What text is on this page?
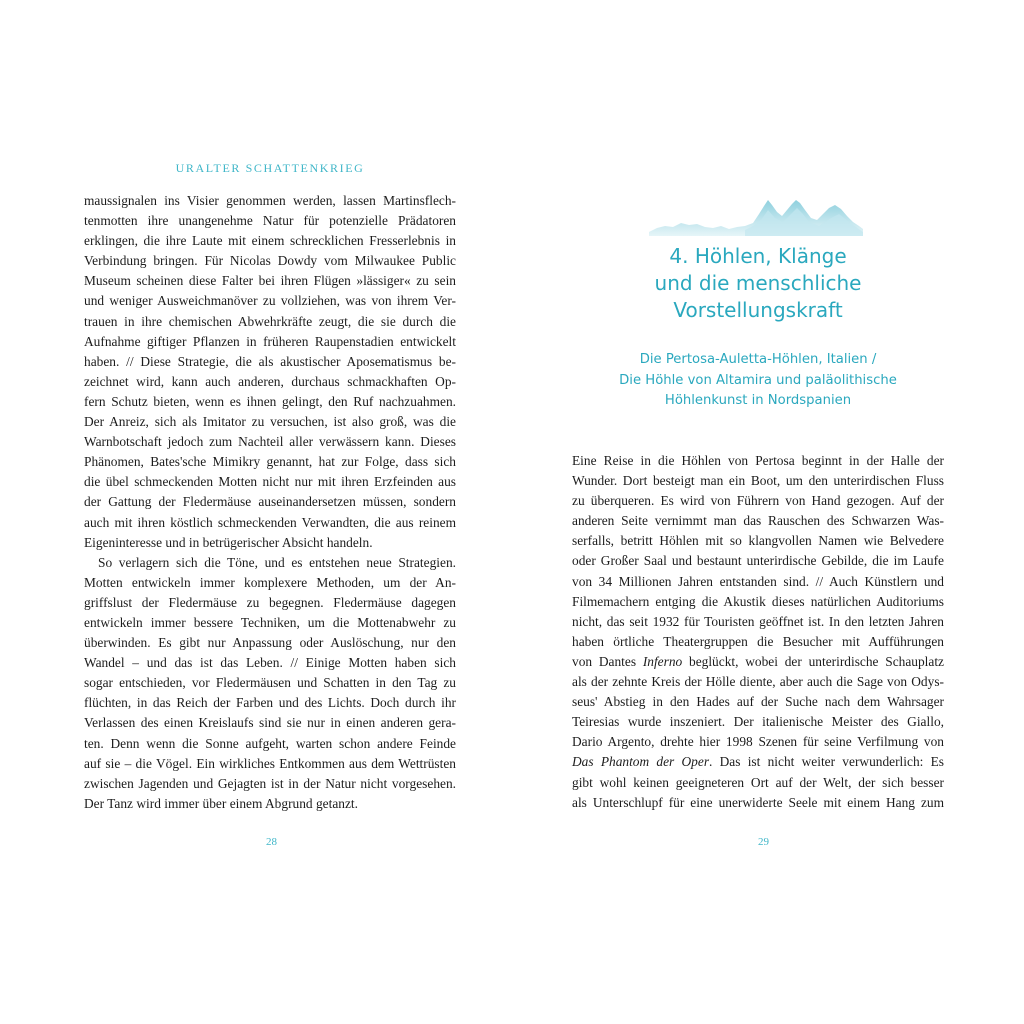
URALTER SCHATTENKRIEG
maussignalen ins Visier genommen werden, lassen Martinsflech-
tenmotten ihre unangenehme Natur für potenzielle Prädatoren
erklingen, die ihre Laute mit einem schrecklichen Fresserlebnis in
Verbindung bringen. Für Nicolas Dowdy vom Milwaukee Public
Museum scheinen diese Falter bei ihren Flügen »lässiger« zu sein
und weniger Ausweichmanöver zu vollziehen, was von ihrem Ver-
trauen in ihre chemischen Abwehrkräfte zeugt, die sie durch die
Aufnahme giftiger Pflanzen in früheren Raupenstadien entwickelt
haben. // Diese Strategie, die als akustischer Aposematismus be-
zeichnet wird, kann auch anderen, durchaus schmackhaften Op-
fern Schutz bieten, wenn es ihnen gelingt, den Ruf nachzuahmen.
Der Anreiz, sich als Imitator zu versuchen, ist also groß, was die
Warnbotschaft jedoch zum Nachteil aller verwässern kann. Dieses
Phänomen, Bates'sche Mimikry genannt, hat zur Folge, dass sich
die übel schmeckenden Motten nicht nur mit ihren Erzfeinden aus
der Gattung der Fledermäuse auseinandersetzen müssen, sondern
auch mit ihren köstlich schmeckenden Verwandten, die aus reinem
Eigeninteresse und in betrügerischer Absicht handeln.
So verlagern sich die Töne, und es entstehen neue Strategien.
Motten entwickeln immer komplexere Methoden, um der An-
griffslust der Fledermäuse zu begegnen. Fledermäuse dagegen
entwickeln immer bessere Techniken, um die Mottenabwehr zu
überwinden. Es gibt nur Anpassung oder Auslöschung, nur den
Wandel – und das ist das Leben. // Einige Motten haben sich
sogar entschieden, vor Fledermäusen und Schatten in den Tag zu
flüchten, in das Reich der Farben und des Lichts. Doch durch ihr
Verlassen des einen Kreislaufs sind sie nur in einen anderen gera-
ten. Denn wenn die Sonne aufgeht, warten schon andere Feinde
auf sie – die Vögel. Ein wirkliches Entkommen aus dem Wettrüsten
zwischen Jagenden und Gejagten ist in der Natur nicht vorgesehen.
Der Tanz wird immer über einem Abgrund getanzt.
28
4. Höhlen, Klänge
und die menschliche
Vorstellungskraft
Die Pertosa-Auletta-Höhlen, Italien /
Die Höhle von Altamira und paläolithische
Höhlenkunst in Nordspanien
Eine Reise in die Höhlen von Pertosa beginnt in der Halle der
Wunder. Dort besteigt man ein Boot, um den unterirdischen Fluss
zu überqueren. Es wird von Führern von Hand gezogen. Auf der
anderen Seite vernimmt man das Rauschen des Schwarzen Was-
serfalls, betritt Höhlen mit so klangvollen Namen wie Belvedere
oder Großer Saal und bestaunt unterirdische Gebilde, die im Laufe
von 34 Millionen Jahren entstanden sind. // Auch Künstlern und
Filmemachern entging die Akustik dieses natürlichen Auditoriums
nicht, das seit 1932 für Touristen geöffnet ist. In den letzten Jahren
haben örtliche Theatergruppen die Besucher mit Aufführungen
von Dantes Inferno beglückt, wobei der unterirdische Schauplatz
als der zehnte Kreis der Hölle diente, aber auch die Sage von Odys-
seus' Abstieg in den Hades auf der Suche nach dem Wahrsager
Teiresias wurde inszeniert. Der italienische Meister des Giallo,
Dario Argento, drehte hier 1998 Szenen für seine Verfilmung von
Das Phantom der Oper. Das ist nicht weiter verwunderlich: Es
gibt wohl keinen geeigneteren Ort auf der Welt, der sich besser
als Unterschlupf für eine unerwiderte Seele mit einem Hang zum
29
